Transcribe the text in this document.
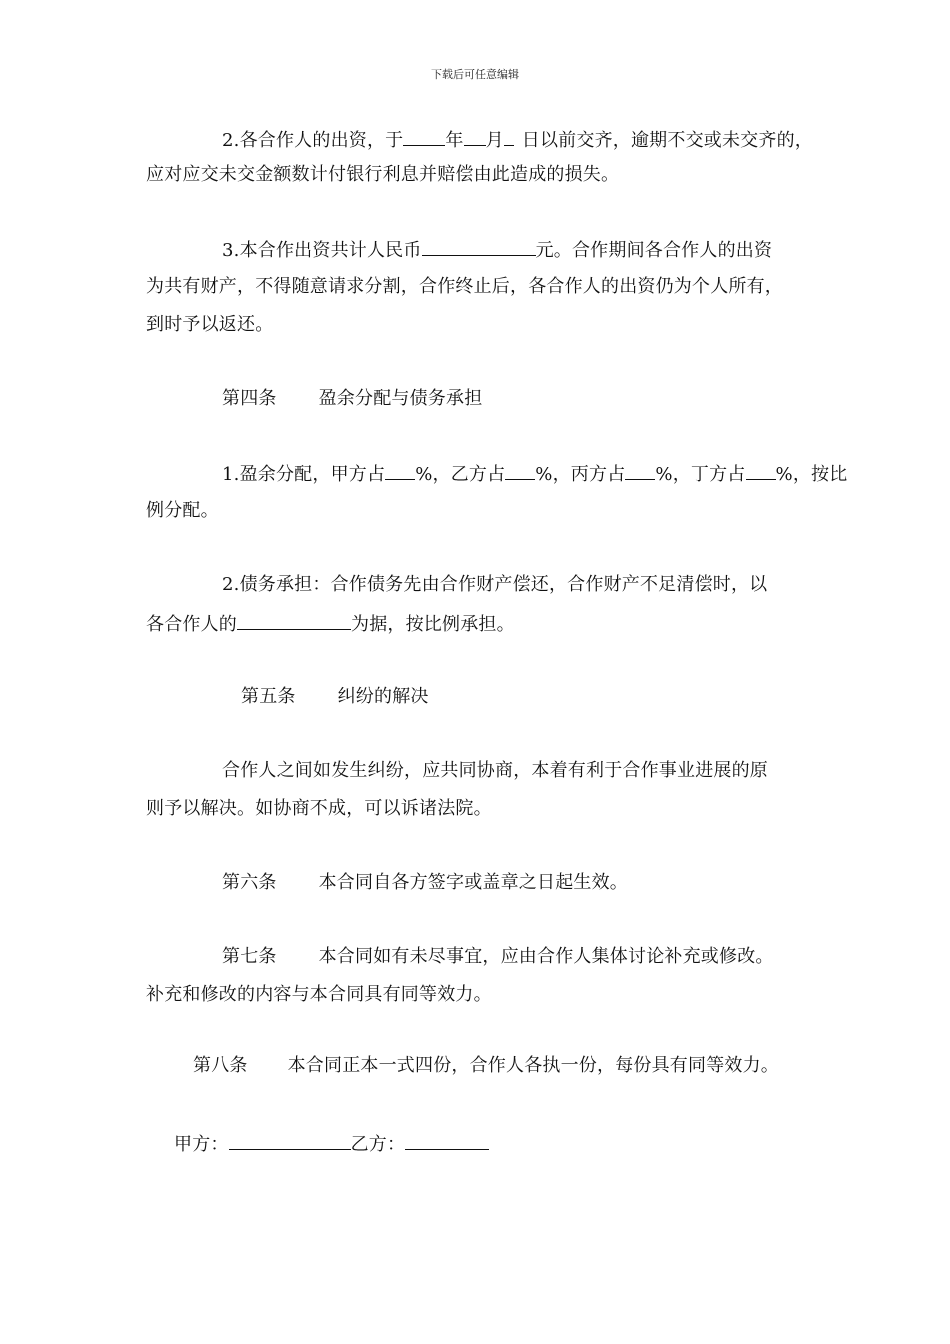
下载后可任意编辑
2.各合作人的出资，于 年 月 日以前交齐，逾期不交或未交齐的，
应对应交未交金额数计付银行利息并赔偿由此造成的损失。
3.本合作出资共计人民币	元。合作期间各合作人的出资
为共有财产，不得随意请求分割，合作终止后，各合作人的出资仍为个人所有，
到时予以返还。
第四条 盈余分配与债务承担
1.盈余分配，甲方占 %，乙方占 %，丙方占 %，丁方占 %，按比
例分配。
2.债务承担：合作债务先由合作财产偿还，合作财产不足清偿时，以
各合作人的	为据，按比例承担。
第五条 纠纷的解决
合作人之间如发生纠纷，应共同协商，本着有利于合作事业进展的原
则予以解决。如协商不成，可以诉诸法院。
第六条 本合同自各方签字或盖章之日起生效。
第七条 本合同如有未尽事宜，应由合作人集体讨论补充或修改。
补充和修改的内容与本合同具有同等效力。
第八条 本合同正本一式四份，合作人各执一份，每份具有同等效力。
甲方：	乙方：
